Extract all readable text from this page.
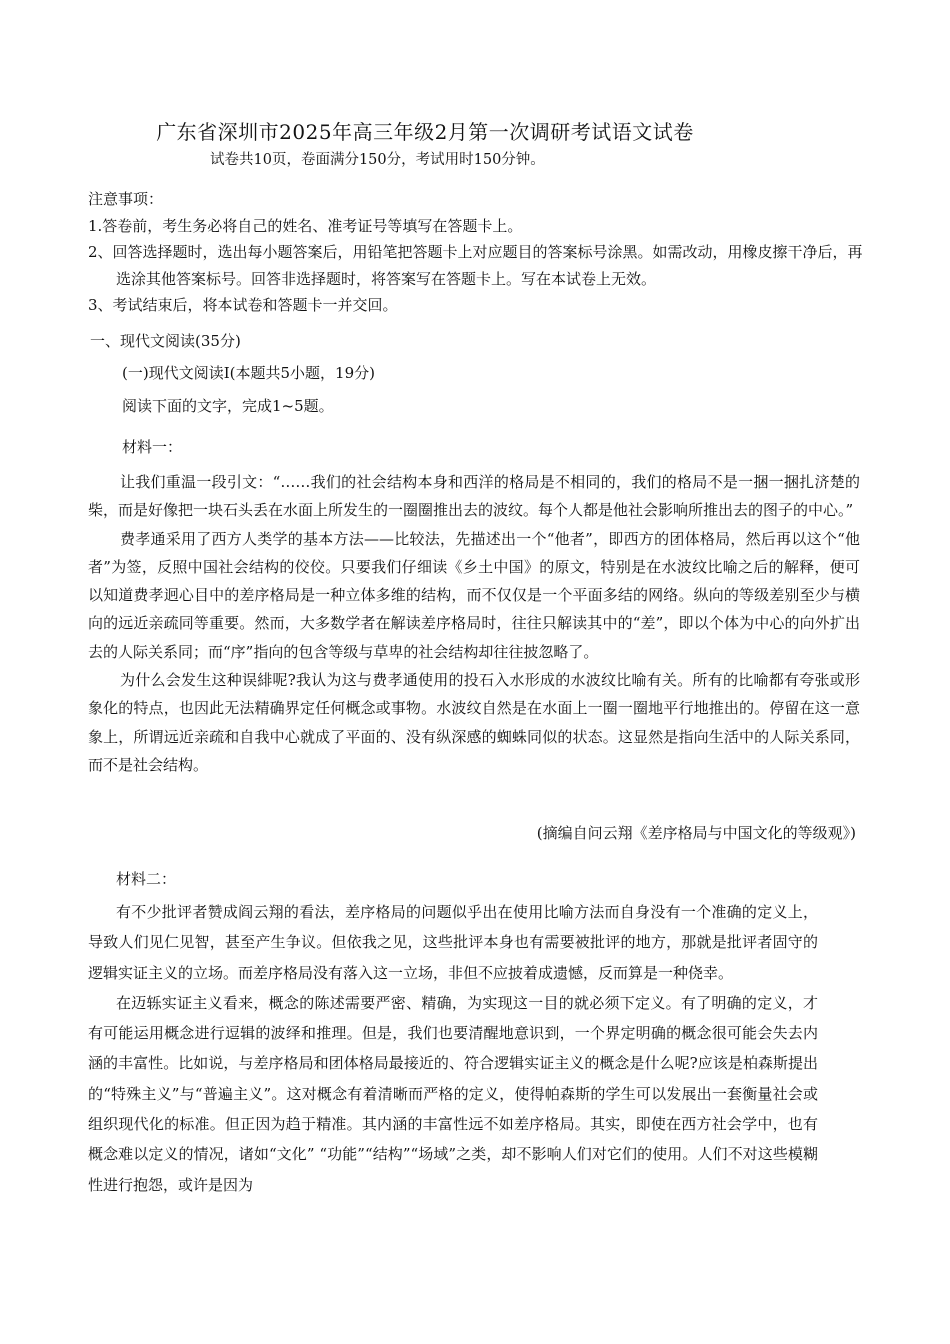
广东省深圳市2025年高三年级2月第一次调研考试语文试卷
试卷共10页，卷面满分150分，考试用时150分钟。
注意事项：
1.答卷前，考生务必将自己的姓名、准考证号等填写在答题卡上。
2、回答选择题时，选出每小题答案后，用铅笔把答题卡上对应题目的答案标号涂黑。如需改动，用橡皮擦干净后，再选涂其他答案标号。回答非选择题时，将答案写在答题卡上。写在本试卷上无效。
3、考试结束后，将本试卷和答题卡一并交回。
一、现代文阅读(35分)
(一)现代文阅读Ⅰ(本题共5小题，19分)
阅读下面的文字，完成1~5题。
材料一：

让我们重温一段引文：“……我们的社会结构本身和西洋的格局是不相同的，我们的格局不是一捆一捆扎济楚的柴，而是好像把一块石头丢在水面上所发生的一圈圈推出去的波纹。每个人都是他社会影响所推出去的图子的中心。”

费孝通采用了西方人类学的基本方法——比较法，先描述出一个“他者”，即西方的团体格局，然后再以这个“他者”为签，反照中国社会结构的佼佼。只要我们仔细读《乡土中国》的原文，特别是在水波纹比喻之后的解释，便可以知道费孝迥心目中的差序格局是一种立体多维的结构，而不仅仅是一个平面多结的网络。纵向的等级差别至少与横向的远近亲疏同等重要。然而，大多数学者在解读差序格局时，往往只解读其中的“差”，即以个体为中心的向外扩出去的人际关系同；而“序”指向的包含等级与草卑的社会结构却往往披忽略了。

为什么会发生这种误緋呢?我认为这与费孝通使用的投石入水形成的水波纹比喻有关。所有的比喻都有夸张或形象化的特点，也因此无法精确界定任何概念或事物。水波纹自然是在水面上一圈一圈地平行地推出的。停留在这一意象上，所谓远近亲疏和自我中心就成了平面的、没有纵深感的蜘蛛同似的状态。这显然是指向生活中的人际关系同，而不是社会结构。

(摘编自问云翔《差序格局与中国文化的等级观》)
材料二：

有不少批评者赞成阎云翔的看法，差序格局的问题似乎出在使用比喻方法而自身没有一个准确的定义上，导致人们见仁见智，甚至产生争议。但依我之见，这些批评本身也有需要被批评的地方，那就是批评者固守的逻辑实证主义的立场。而差序格局没有落入这一立场，非但不应披着成遗憾，反而算是一种侥幸。

在迈轹实证主义看来，概念的陈述需要严密、精确，为实现这一目的就必须下定义。有了明确的定义，才有可能运用概念进行逗辑的波绎和推理。但是，我们也要清醒地意识到，一个界定明确的概念很可能会失去内涵的丰富性。比如说，与差序格局和团体格局最接近的、符合逻辑实证主义的概念是什么呢?应该是柏森斯提出的“特殊主义”与“普遍主义”。这对概念有着清晰而严格的定义，使得帕森斯的学生可以发展出一套衡量社会或组织现代化的标准。但正因为趋于精准。其内涵的丰富性远不如差序格局。其实，即使在西方社会学中，也有概念难以定义的情况，诸如“文化” “功能”“结构”“场域”之类，却不影响人们对它们的使用。人们不对这些模糊性进行抱怨，或许是因为
